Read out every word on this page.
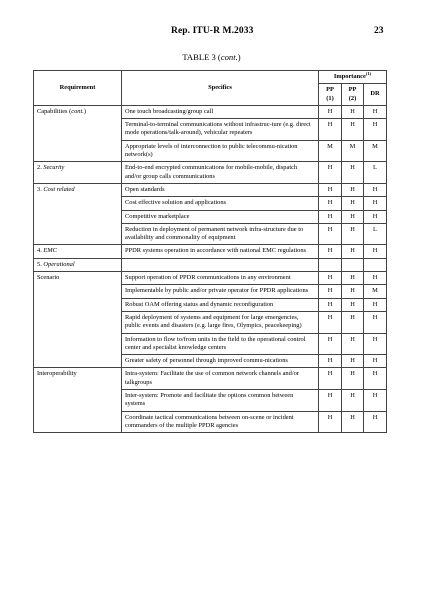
Rep. ITU-R M.2033	23
TABLE 3 (cont.)
Requirement	Specifics	Importance$^{(1)}$
		PP (1)	PP (2)	DR
Capabilities (cont.)	One touch broadcasting/group call	H	H	H
	Terminal-to-terminal communications without infrastruc-ture (e.g. direct mode operations/talk-around), vehicular repeaters	H	H	H
	Appropriate levels of interconnection to public telecommu-nication network(s)	M	M	M
2. Security	End-to-end encrypted communications for mobile-mobile, dispatch and/or group calls communications	H	H	L
3. Cost related	Open standards	H	H	H
	Cost effective solution and applications	H	H	H
	Competitive marketplace	H	H	H
	Reduction in deployment of permanent network infra-structure due to availability and commonality of equipment	H	H	L
4. EMC	PPDR systems operation in accordance with national EMC regulations	H	H	H
5. Operational				
Scenario	Support operation of PPDR communications in any environment	H	H	H
	Implementable by public and/or private operator for PPDR applications	H	H	M
	Robust OAM offering status and dynamic reconfiguration	H	H	H
	Rapid deployment of systems and equipment for large emergencies, public events and disasters (e.g. large fires, Olympics, peacekeeping)	H	H	H
	Information to flow to/from units in the field to the operational control center and specialist knowledge centers	H	H	H
	Greater safety of personnel through improved commu-nications	H	H	H
Interoperability	Intra-system: Facilitate the use of common network channels and/or talkgroups	H	H	H
	Inter-system: Promote and facilitate the options common between systems	H	H	H
	Coordinate tactical communications between on-scene or incident commanders of the multiple PPDR agencies	H	H	H
